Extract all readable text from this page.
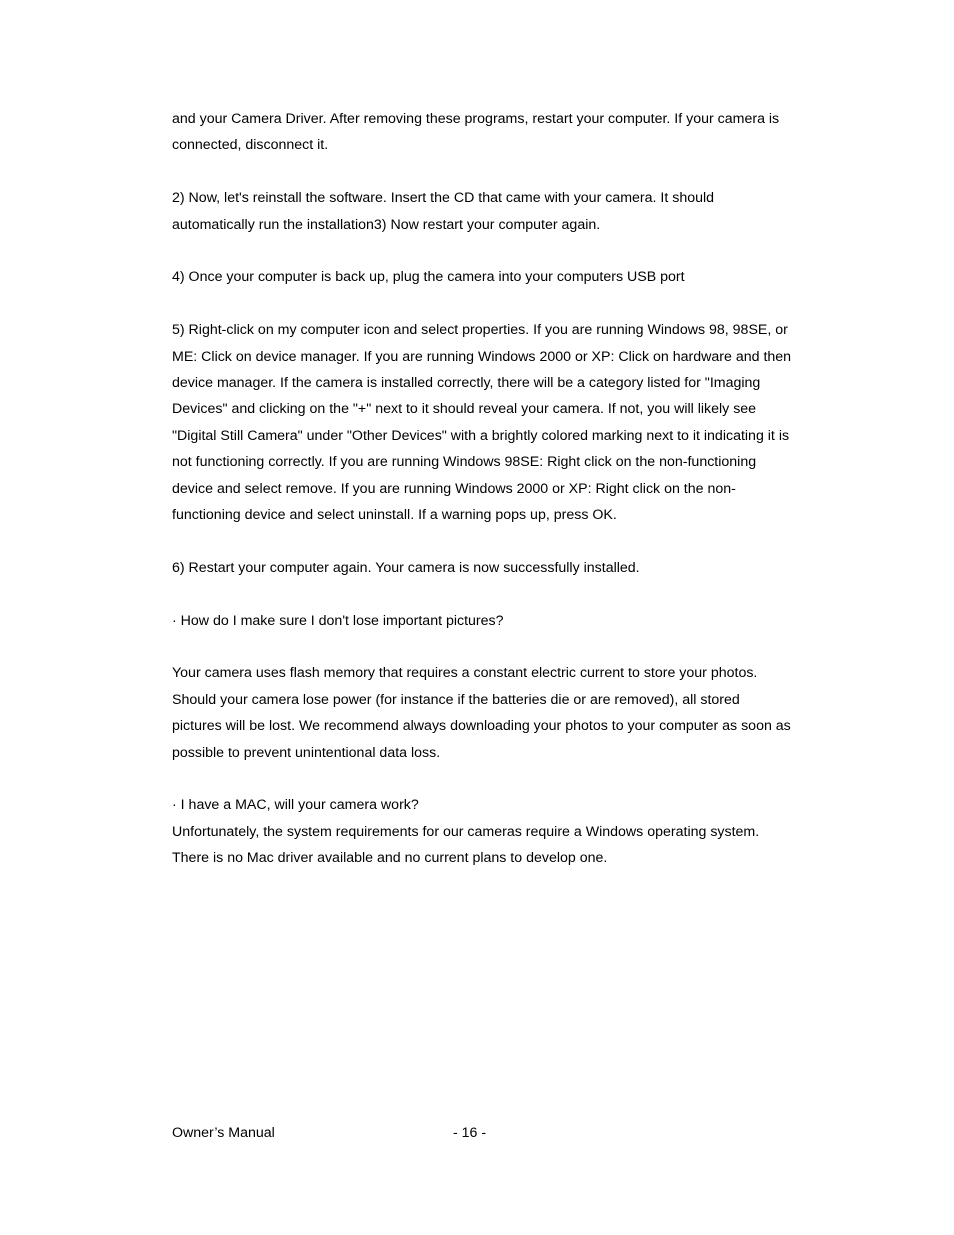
and your Camera Driver. After removing these programs, restart your computer. If your camera is connected, disconnect it.

2) Now, let's reinstall the software. Insert the CD that came with your camera. It should automatically run the installation3) Now restart your computer again.

4) Once your computer is back up, plug the camera into your computers USB port

5) Right-click on my computer icon and select properties. If you are running Windows 98, 98SE, or ME: Click on device manager. If you are running Windows 2000 or XP: Click on hardware and then device manager. If the camera is installed correctly, there will be a category listed for "Imaging Devices" and clicking on the "+" next to it should reveal your camera. If not, you will likely see "Digital Still Camera" under "Other Devices" with a brightly colored marking next to it indicating it is not functioning correctly. If you are running Windows 98SE: Right click on the non-functioning device and select remove. If you are running Windows 2000 or XP: Right click on the non-functioning device and select uninstall. If a warning pops up, press OK.

6) Restart your computer again. Your camera is now successfully installed.

· How do I make sure I don't lose important pictures?

Your camera uses flash memory that requires a constant electric current to store your photos. Should your camera lose power (for instance if the batteries die or are removed), all stored pictures will be lost. We recommend always downloading your photos to your computer as soon as possible to prevent unintentional data loss.

· I have a MAC, will your camera work?

Unfortunately, the system requirements for our cameras require a Windows operating system. There is no Mac driver available and no current plans to develop one.

Owner’s Manual	- 16 -
